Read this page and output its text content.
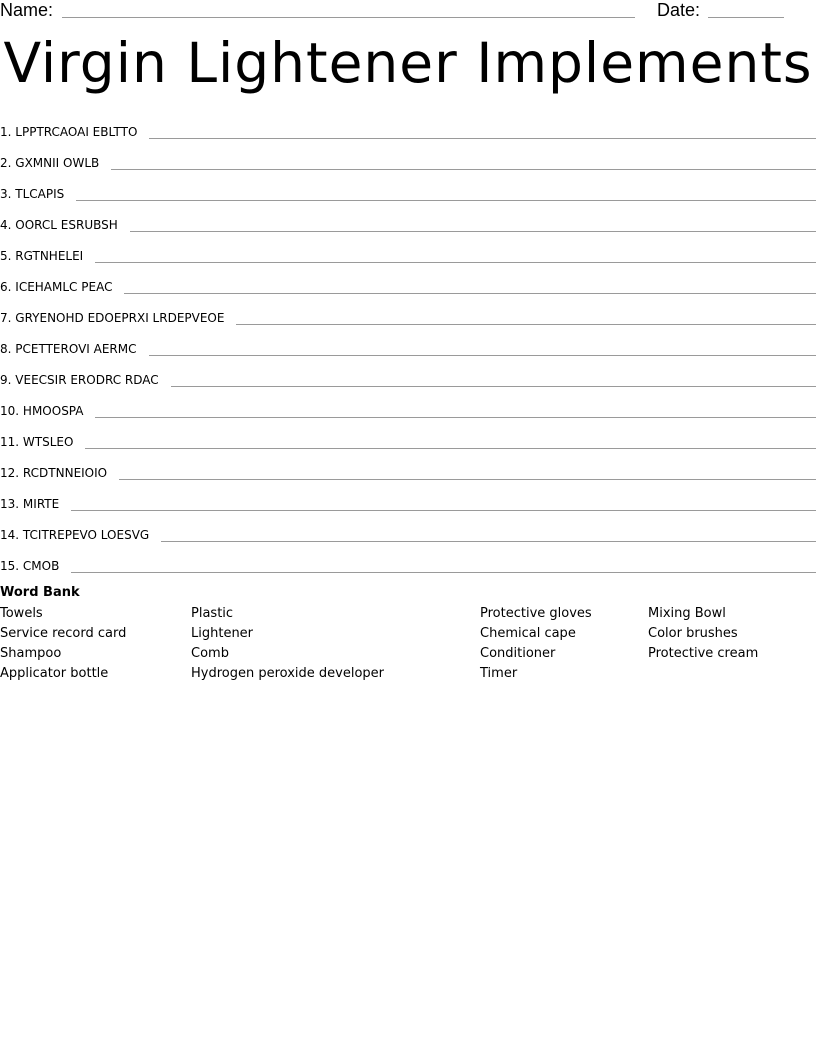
Name:	Date:
Virgin Lightener Implements
1. LPPTRCAOAI EBLTTO
2. GXMNII OWLB
3. TLCAPIS
4. OORCL ESRUBSH
5. RGTNHELEI
6. ICEHAMLC PEAC
7. GRYENOHD EDOEPRXI LRDEPVEOE
8. PCETTEROVI AERMC
9. VEECSIR ERODRC RDAC
10. HMOOSPA
11. WTSLEO
12. RCDTNNEIOIO
13. MIRTE
14. TCITREPEVO LOESVG
15. CMOB
Word Bank
Towels
Service record card
Shampoo
Applicator bottle
Plastic
Lightener
Comb
Hydrogen peroxide developer
Protective gloves
Chemical cape
Conditioner
Timer
Mixing Bowl
Color brushes
Protective cream
